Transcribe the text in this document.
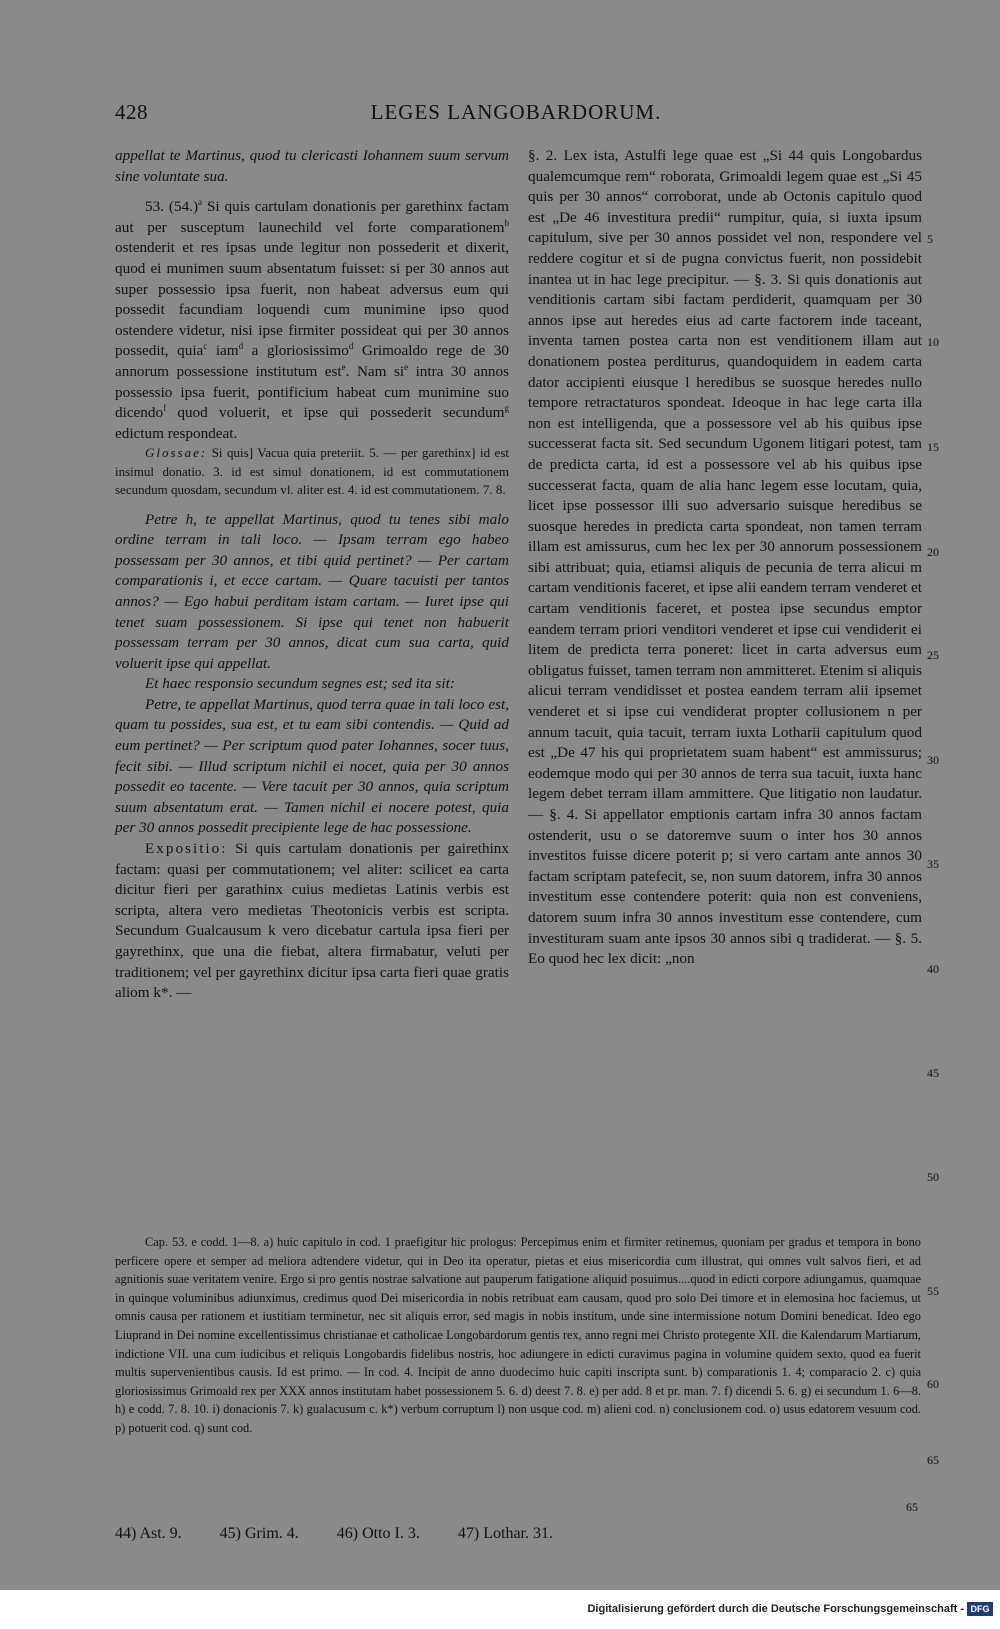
428	LEGES LANGOBARDORUM.

appellat te Martinus, quod tu clericasti Iohannem suum servum sine voluntate sua.

53. $(54.)^a$ Si quis cartulam donationis per garethinx factam aut per susceptum launechild vel forte comparationem$^b$ ostenderit et res ipsas unde legitur non possederit et dixerit, quod ei munimen suum absentatum fuisset: si per 30 annos aut super possessio ipsa fuerit, non habeat adversus eum qui possedit facundiam loquendi cum munimine ipso quod ostendere videtur, nisi ipse firmiter possideat qui per 30 annos possedit, quia$^c$ iam$^d$ a gloriosissimo$^d$ Grimoaldo rege de 30 annorum possessione institutum est$^e$. Nam $si^e$ intra 30 annos possessio ipsa fuerit, pontificium habeat cum munimine suo dicendo$^f$ quod voluerit, et ipse qui possederit secundum$^g$ edictum respondeat.

Glossae: Si quis] Vacua quia preteriit. 5. — per garethinx] id est insimul donatio. 3. id est simul donationem, id est commutationem secundum quosdam, secundum vl. aliter est. 4. id est commutationem. 7. 8.

Petre h, te appellat Martinus, quod tu tenes sibi malo ordine terram in tali loco. — Ipsam terram ego habeo possessam per 30 annos, et tibi quid pertinet? — Per cartam comparationis i, et ecce cartam. — Quare tacuisti per tantos annos? — Ego habui perditam istam cartam. — Iuret ipse qui tenet suam possessionem. Si ipse qui tenet non habuerit possessam terram per 30 annos, dicat cum sua carta, quid voluerit ipse qui appellat.

Et haec responsio secundum segnes est; sed ita sit:

Petre, te appellat Martinus, quod terra quae in tali loco est, quam tu possides, sua est, et tu eam sibi contendis. — Quid ad eum pertinet? — Per scriptum quod pater Iohannes, socer tuus, fecit sibi. — Illud scriptum nichil ei nocet, quia per 30 annos possedit eo tacente. — Vere tacuit per 30 annos, quia scriptum suum absentatum erat. — Tamen nichil ei nocere potest, quia per 30 annos possedit precipiente lege de hac possessione.

Expositio: Si quis cartulam donationis per gairethinx factam: quasi per commutationem; vel aliter: scilicet ea carta dicitur fieri per garathinx cuius medietas Latinis verbis est scripta, altera vero medietas Theotonicis verbis est scripta. Secundum Gualcausum k vero dicebatur cartula ipsa fieri per gayrethinx, que una die fiebat, altera firmabatur, veluti per traditionem; vel per gayrethinx dicitur ipsa carta fieri quae gratis aliom k*. —

§. 2. Lex ista, Astulfi lege quae est „Si 44 quis Longobardus qualemcumque rem“ roborata, Grimoaldi legem quae est „Si 45 quis per 30 annos“ corroborat, unde ab Octonis capitulo quod est „De 46 investitura predii“ rumpitur, quia, si iuxta ipsum capitulum, sive per 30 annos possidet vel non, respondere vel reddere cogitur et si de pugna convictus fuerit, non possidebit inantea ut in hac lege precipitur. — §. 3. Si quis donationis aut venditionis cartam sibi factam perdiderit, quamquam per 30 annos ipse aut heredes eius ad carte factorem inde taceant, inventa tamen postea carta non est venditionem illam aut donationem postea perditurus, quandoquidem in eadem carta dator accipienti eiusque l heredibus se suosque heredes nullo tempore retractaturos spondeat. Ideoque in hac lege carta illa non est intelligenda, que a possessore vel ab his quibus ipse successerat facta sit. Sed secundum Ugonem litigari potest, tam de predicta carta, id est a possessore vel ab his quibus ipse successerat facta, quam de alia hanc legem esse locutam, quia, licet ipse possessor illi suo adversario suisque heredibus se suosque heredes in predicta carta spondeat, non tamen terram illam est amissurus, cum hec lex per 30 annorum possessionem sibi attribuat; quia, etiamsi aliquis de pecunia de terra alicui m cartam venditionis faceret, et ipse alii eandem terram venderet et cartam venditionis faceret, et postea ipse secundus emptor eandem terram priori venditori venderet et ipse cui vendiderit ei litem de predicta terra poneret: licet in carta adversus eum obligatus fuisset, tamen terram non ammitteret. Etenim si aliquis alicui terram vendidisset et postea eandem terram alii ipsemet venderet et si ipse cui vendiderat propter collusionem n per annum tacuit, quia tacuit, terram iuxta Lotharii capitulum quod est „De 47 his qui proprietatem suam habent“ est ammissurus; eodemque modo qui per 30 annos de terra sua tacuit, iuxta hanc legem debet terram illam ammittere. Que litigatio non laudatur. — §. 4. Si appellator emptionis cartam infra 30 annos factam ostenderit, usu o se datoremve suum o inter hos 30 annos investitos fuisse dicere poterit p; si vero cartam ante annos 30 factam scriptam patefecit, se, non suum datorem, infra 30 annos investitum esse contendere poterit: quia non est conveniens, datorem suum infra 30 annos investitum esse contendere, cum investituram suam ante ipsos 30 annos sibi q tradiderat. — §. 5. Eo quod hec lex dicit: „non

5
10
15
20
25
30
35
40
45
50
55
60
65

Cap. 53. e codd. 1—8. a) huic capitulo in cod. 1 praefigitur hic prologus: Percepimus enim et firmiter retinemus, quoniam per gradus et tempora in bono perficere opere et semper ad meliora adtendere videtur, qui in Deo ita operatur, pietas et eius misericordia cum illustrat, qui omnes vult salvos fieri, et ad agnitionis suae veritatem venire. Ergo si pro gentis nostrae salvatione aut pauperum fatigatione aliquid posuimus....quod in edicti corpore adiungamus, quamquae in quinque voluminibus adiunximus, credimus quod Dei misericordia in nobis retribuat eam causam, quod pro solo Dei timore et in elemosina hoc faciemus, ut omnis causa per rationem et iustitiam terminetur, nec sit aliquis error, sed magis in nobis institum, unde sine intermissione notum Domini benedicat. Ideo ego Liuprand in Dei nomine excellentissimus christianae et catholicae Longobardorum gentis rex, anno regni mei Christo protegente XII. die Kalendarum Martiarum, indictione VII. una cum iudicibus et reliquis Longobardis fidelibus nostris, hoc adiungere in edicti curavimus pagina in volumine quidem sexto, quod ea fuerit multis supervenientibus causis. Id est primo. — In cod. 4. Incipit de anno duodecimo huic capiti inscripta sunt. b) comparationis 1. 4; comparacio 2. c) quia gloriosissimus Grimoald rex per XXX annos institutam habet possessionem 5. 6. d) deest 7. 8. e) per add. 8 et pr. man. 7. f) dicendi 5. 6. g) ei secundum 1. 6—8. h) e codd. 7. 8. 10. i) donacionis 7. k) gualacusum c. k*) verbum corruptum l) non usque cod. m) alieni cod. n) conclusionem cod. o) usus edatorem vesuum cod. p) potuerit cod. q) sunt cod.

65
44) Ast. 9. 45) Grim. 4. 46) Otto I. 3. 47) Lothar. 31.
Digitalisierung gefördert durch die Deutsche Forschungsgemeinschaft - DFG
